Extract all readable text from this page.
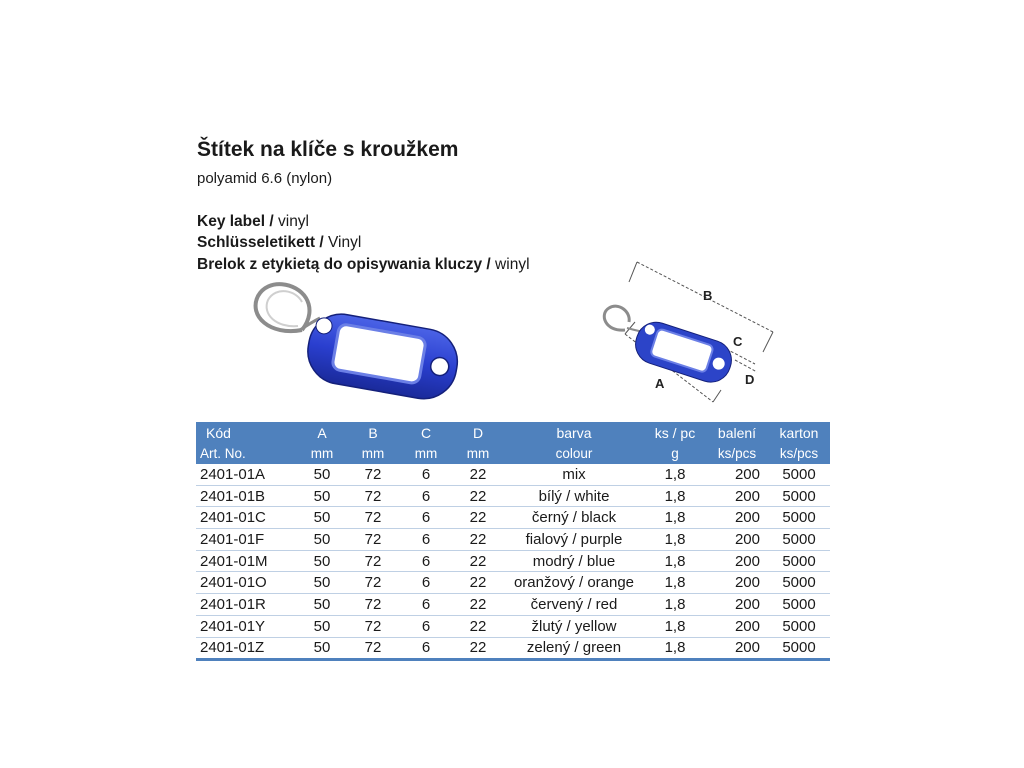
Štítek na klíče s kroužkem
polyamid 6.6 (nylon)
Key label / vinyl
Schlüsseletikett / Vinyl
Brelok z etykietą do opisywania kluczy / winyl
B
C
D
A
Kód	A	B	C	D	barva	ks / pc	balení	karton
Art. No.	mm	mm	mm	mm	colour	g	ks/pcs	ks/pcs
2401-01A	50	72	6	22	mix	1,8	200	5000
2401-01B	50	72	6	22	bílý / white	1,8	200	5000
2401-01C	50	72	6	22	černý / black	1,8	200	5000
2401-01F	50	72	6	22	fialový / purple	1,8	200	5000
2401-01M	50	72	6	22	modrý / blue	1,8	200	5000
2401-01O	50	72	6	22	oranžový / orange	1,8	200	5000
2401-01R	50	72	6	22	červený / red	1,8	200	5000
2401-01Y	50	72	6	22	žlutý / yellow	1,8	200	5000
2401-01Z	50	72	6	22	zelený / green	1,8	200	5000
